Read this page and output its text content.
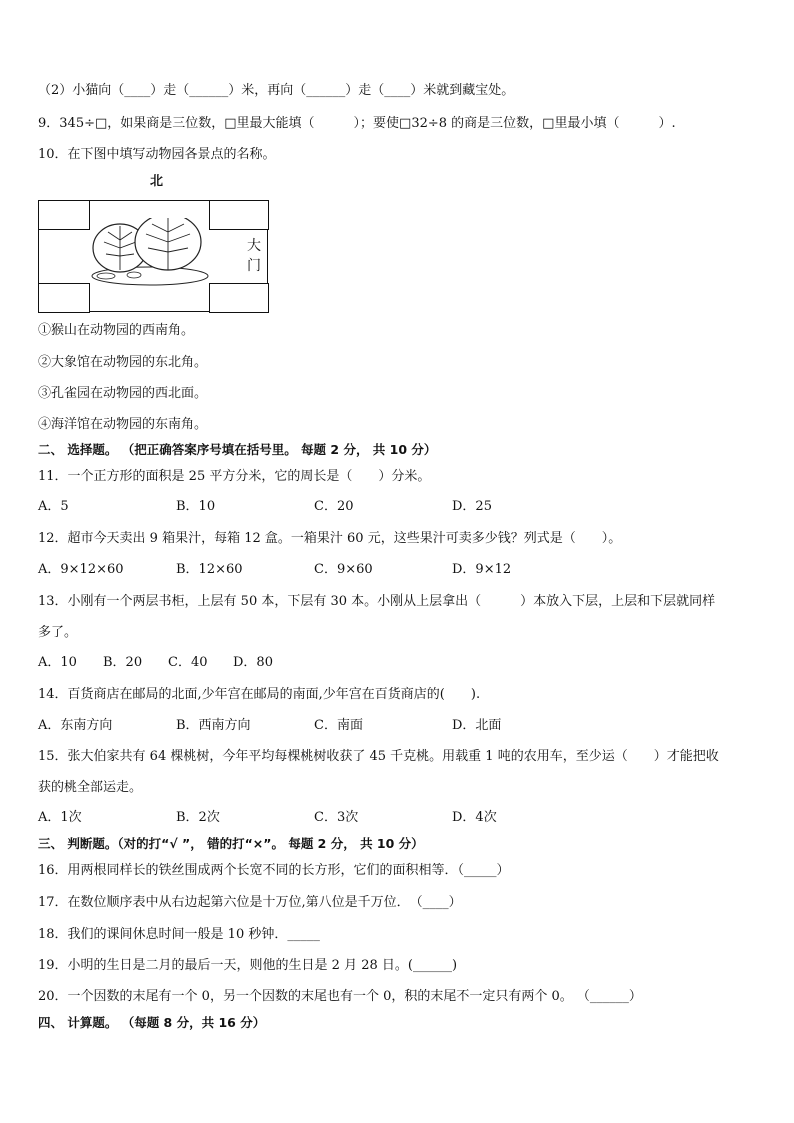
（2）小猫向（____）走（______）米，再向（______）走（____）米就到藏宝处。
9．345÷□，如果商是三位数，□里最大能填（　　　）；要使□32÷8 的商是三位数，□里最小填（　　　）.
10．在下图中填写动物园各景点的名称。
北
大
门
①猴山在动物园的西南角。
②大象馆在动物园的东北角。
③孔雀园在动物园的西北面。
④海洋馆在动物园的东南角。
二、 选择题。 （把正确答案序号填在括号里。 每题 2 分， 共 10 分）
11．一个正方形的面积是 25 平方分米，它的周长是（　　）分米。
A．5	B．10	C．20	D．25
12．超市今天卖出 9 箱果汁，每箱 12 盒。一箱果汁 60 元，这些果汁可卖多少钱？列式是（　　）。
A．9×12×60	B．12×60	C．9×60	D．9×12
13．小刚有一个两层书柜，上层有 50 本，下层有 30 本。小刚从上层拿出（　　　）本放入下层，上层和下层就同样
多了。
A．10 B．20 C．40 D．80
14．百货商店在邮局的北面,少年宫在邮局的南面,少年宫在百货商店的(　　).
A．东南方向	B．西南方向	C．南面	D．北面
15．张大伯家共有 64 棵桃树，今年平均每棵桃树收获了 45 千克桃。用载重 1 吨的农用车，至少运（　　）才能把收
获的桃全部运走。
A．1次	B．2次	C．3次	D．4次
三、 判断题。（对的打“√ ”， 错的打“×”。 每题 2 分， 共 10 分）
16．用两根同样长的铁丝围成两个长宽不同的长方形，它们的面积相等．（_____）
17．在数位顺序表中从右边起第六位是十万位,第八位是千万位．　（____）
18．我们的课间休息时间一般是 10 秒钟．_____
19．小明的生日是二月的最后一天，则他的生日是 2 月 28 日。(______)
20．一个因数的末尾有一个 0，另一个因数的末尾也有一个 0，积的末尾不一定只有两个 0。 （______）
四、 计算题。 （每题 8 分，共 16 分）
